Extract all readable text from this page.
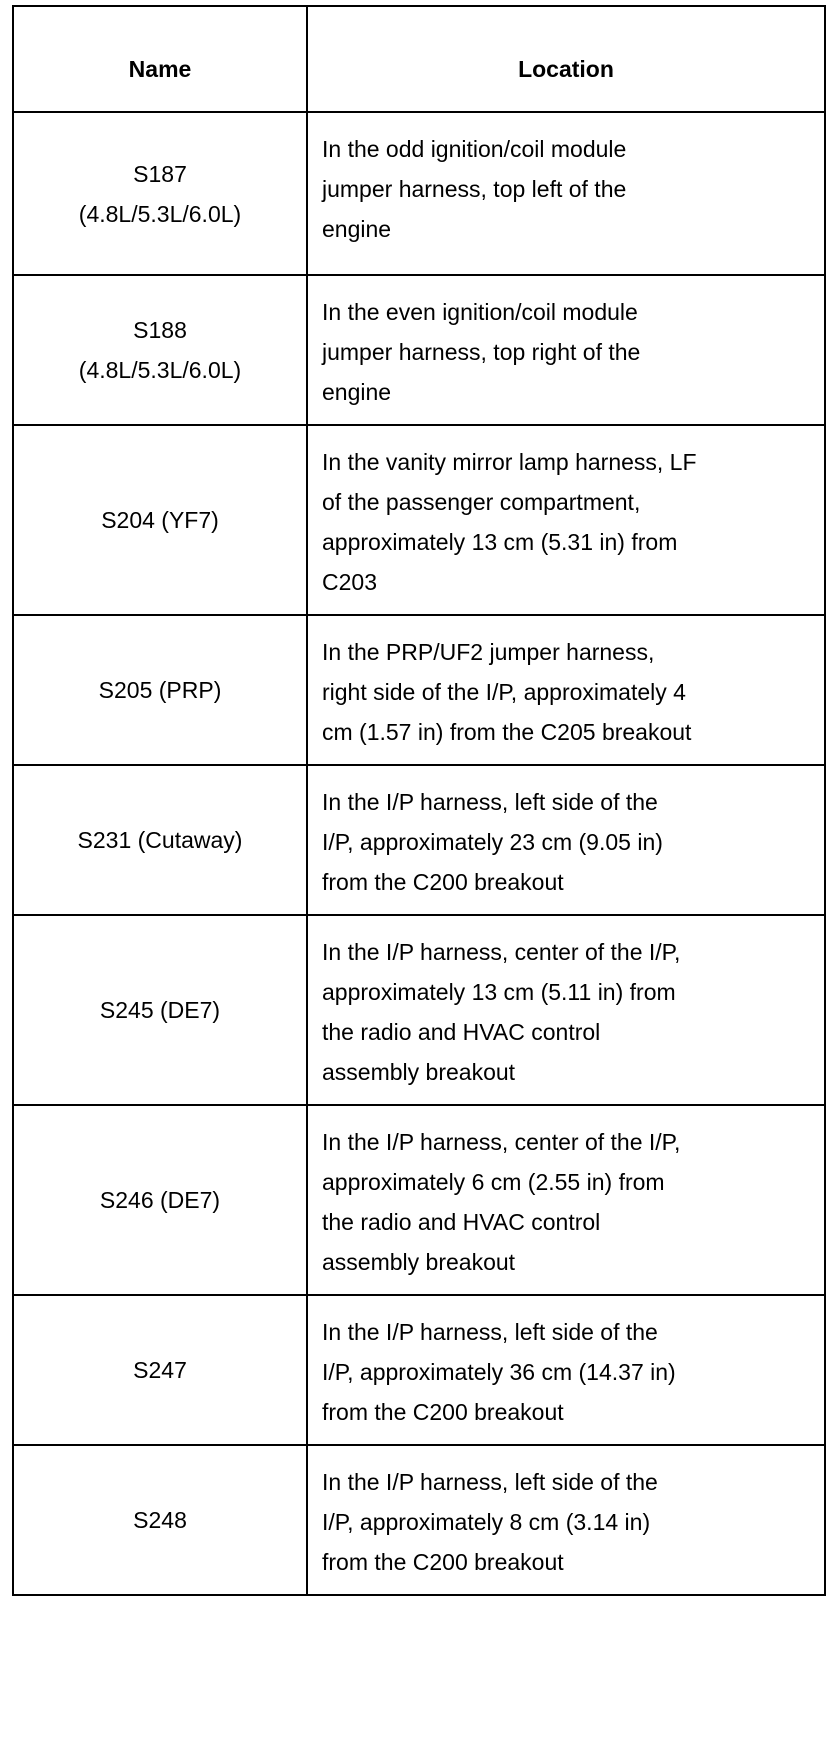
Name	Location

S187
(4.8L/5.3L/6.0L)	In the odd ignition/coil module
jumper harness, top left of the
engine

S188
(4.8L/5.3L/6.0L)	In the even ignition/coil module
jumper harness, top right of the
engine

S204 (YF7)	In the vanity mirror lamp harness, LF
of the passenger compartment,
approximately 13 cm (5.31 in) from
C203

S205 (PRP)	In the PRP/UF2 jumper harness,
right side of the I/P, approximately 4
cm (1.57 in) from the C205 breakout

S231 (Cutaway)	In the I/P harness, left side of the
I/P, approximately 23 cm (9.05 in)
from the C200 breakout

S245 (DE7)	In the I/P harness, center of the I/P,
approximately 13 cm (5.11 in) from
the radio and HVAC control
assembly breakout

S246 (DE7)	In the I/P harness, center of the I/P,
approximately 6 cm (2.55 in) from
the radio and HVAC control
assembly breakout

S247	In the I/P harness, left side of the
I/P, approximately 36 cm (14.37 in)
from the C200 breakout

S248	In the I/P harness, left side of the
I/P, approximately 8 cm (3.14 in)
from the C200 breakout
